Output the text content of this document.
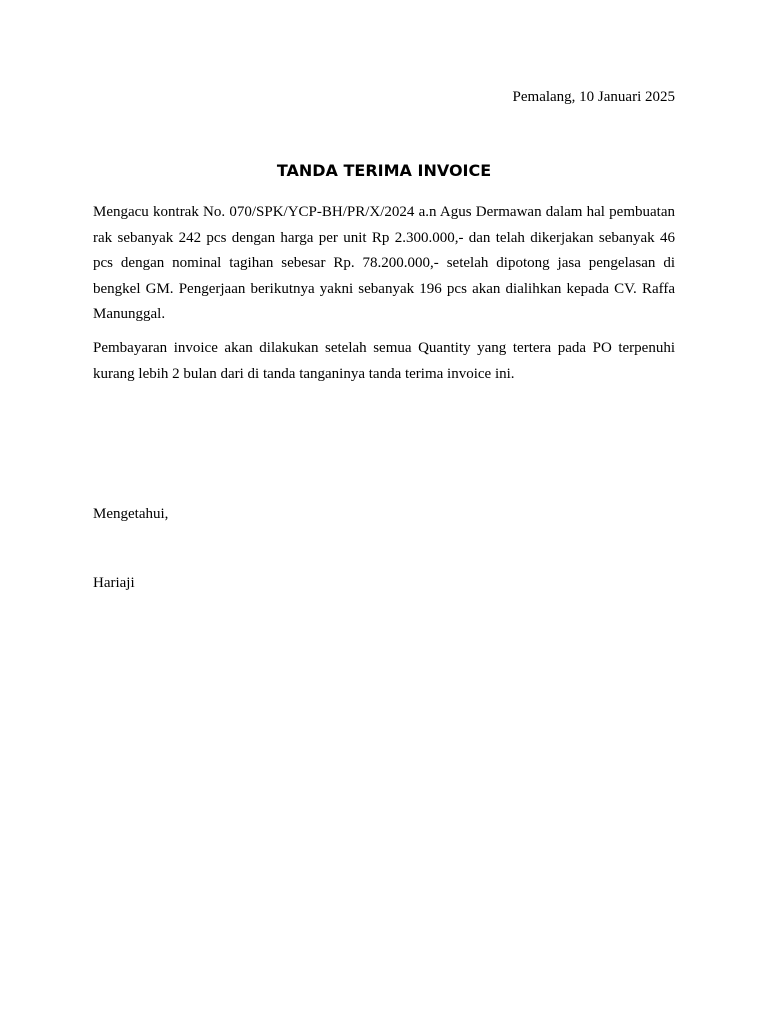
Pemalang, 10 Januari 2025
TANDA TERIMA INVOICE

Mengacu kontrak No. 070/SPK/YCP-BH/PR/X/2024 a.n Agus Dermawan dalam hal pembuatan rak sebanyak 242 pcs dengan harga per unit Rp 2.300.000,- dan telah dikerjakan sebanyak 46 pcs dengan nominal tagihan sebesar Rp. 78.200.000,- setelah dipotong jasa pengelasan di bengkel GM. Pengerjaan berikutnya yakni sebanyak 196 pcs akan dialihkan kepada CV. Raffa Manunggal.

Pembayaran invoice akan dilakukan setelah semua Quantity yang tertera pada PO terpenuhi kurang lebih 2 bulan dari di tanda tanganinya tanda terima invoice ini.

Mengetahui,

Hariaji
